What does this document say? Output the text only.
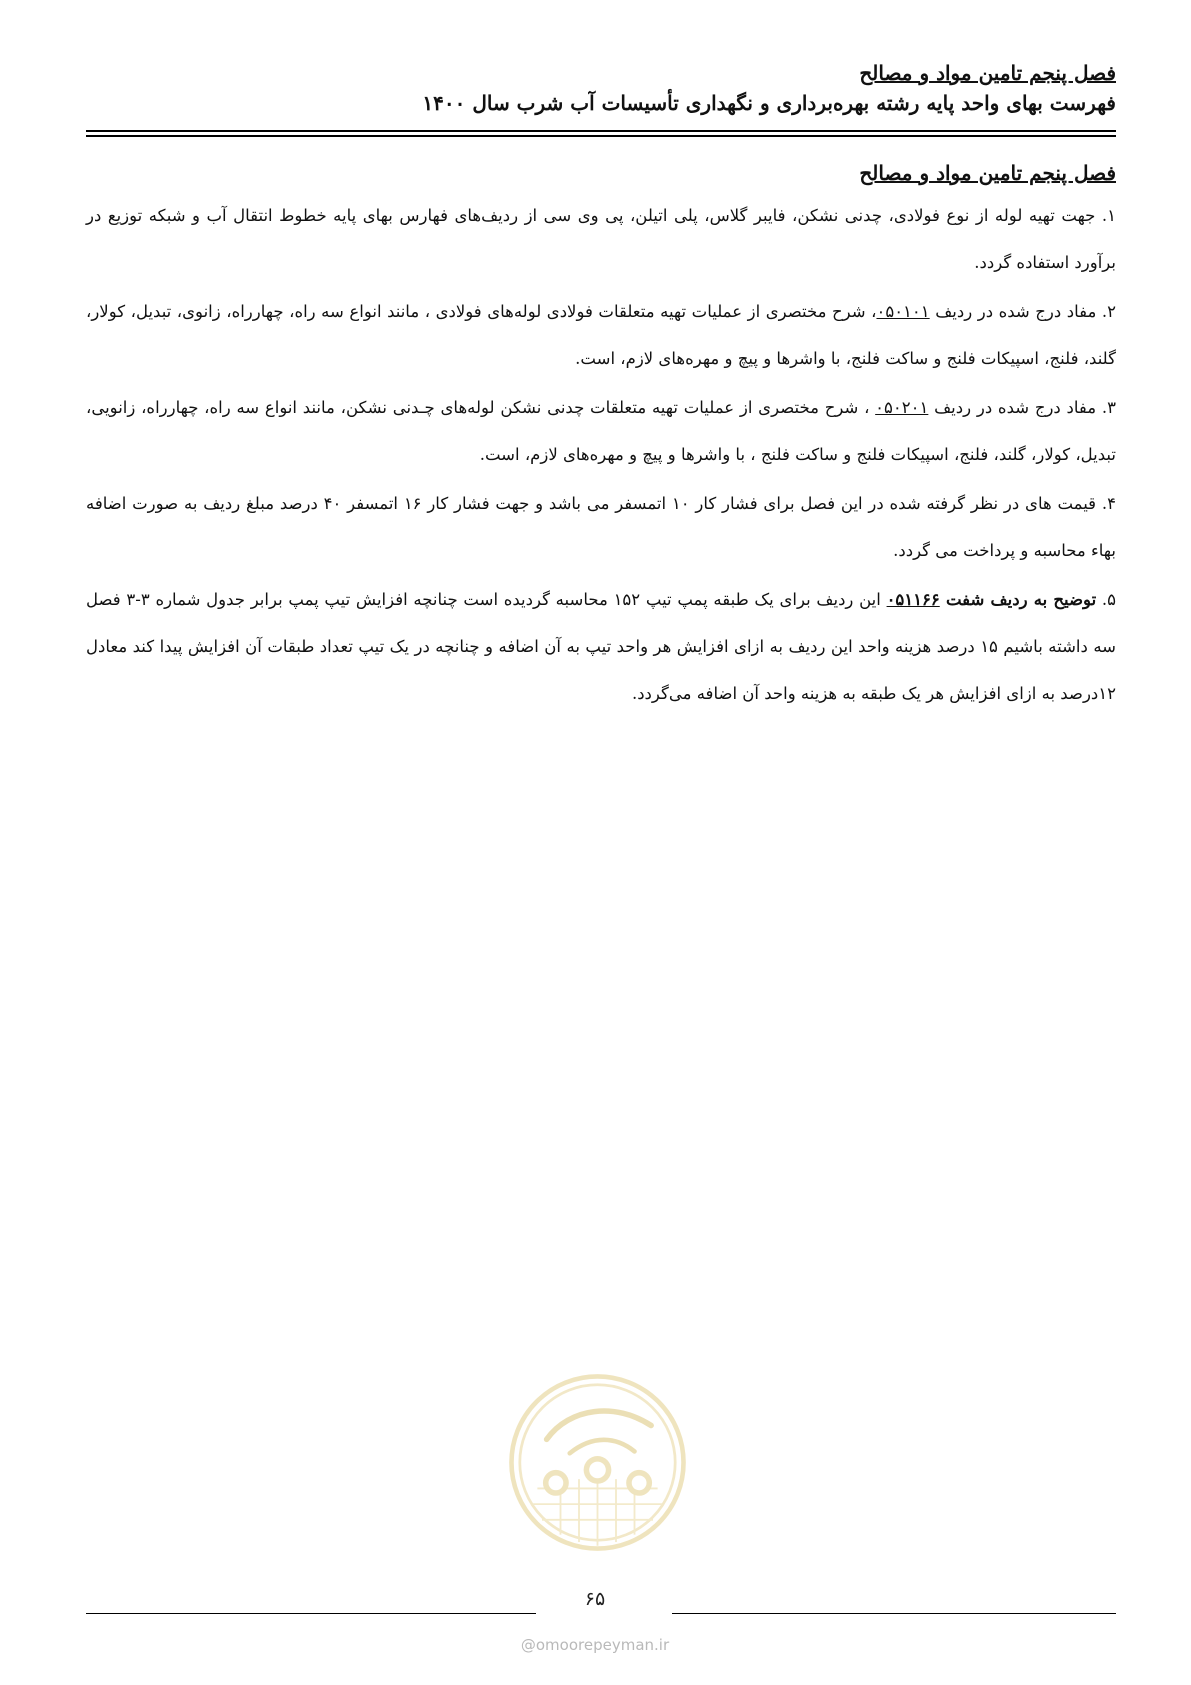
فصل پنجم تامین مواد و مصالح
فهرست بهای واحد پایه رشته بهره‌برداری و نگهداری تأسیسات آب شرب سال ۱۴۰۰
فصل پنجم تامین مواد و مصالح

۱. جهت تهیه لوله از نوع فولادی، چدنی نشکن، فایبر گلاس، پلی اتیلن، پی وی سی از ردیف‌های فهارس بهای پایه خطوط انتقال آب و شبکه توزیع در برآورد استفاده گردد.

۲. مفاد درج شده در ردیف ۰۵۰۱۰۱، شرح مختصری از عملیات تهیه متعلقات فولادی لوله‌های فولادی ، مانند انواع سه راه، چهارراه، زانوی، تبدیل، کولار، گلند، فلنج، اسپیکات فلنج و ساکت فلنج، با واشرها و پیچ و مهره‌های لازم، است.

۳. مفاد درج شده در ردیف ۰۵۰۲۰۱ ، شرح مختصری از عملیات تهیه متعلقات چدنی نشکن لوله‌های چـدنی نشکن، مانند انواع سه راه، چهارراه، زانویی، تبدیل، کولار، گلند، فلنج، اسپیکات فلنج و ساکت فلنج ، با واشرها و پیچ و مهره‌های لازم، است.

۴. قیمت های در نظر گرفته شده در این فصل برای فشار کار ۱۰ اتمسفر می باشد و جهت فشار کار ۱۶ اتمسفر ۴۰ درصد مبلغ ردیف به صورت اضافه بهاء محاسبه و پرداخت می گردد.

۵. توضیح به ردیف شفت ۰۵۱۱۶۶ این ردیف برای یک طبقه پمپ تیپ ۱۵۲ محاسبه گردیده است چنانچه افزایش تیپ پمپ برابر جدول شماره ۳-۳ فصل سه داشته باشیم ۱۵ درصد هزینه واحد این ردیف به ازای افزایش هر واحد تیپ به آن اضافه و چنانچه در یک تیپ تعداد طبقات آن افزایش پیدا کند معادل ۱۲درصد به ازای افزایش هر یک طبقه به هزینه واحد آن اضافه می‌گردد.

۶۵
@omoorepeyman.ir
